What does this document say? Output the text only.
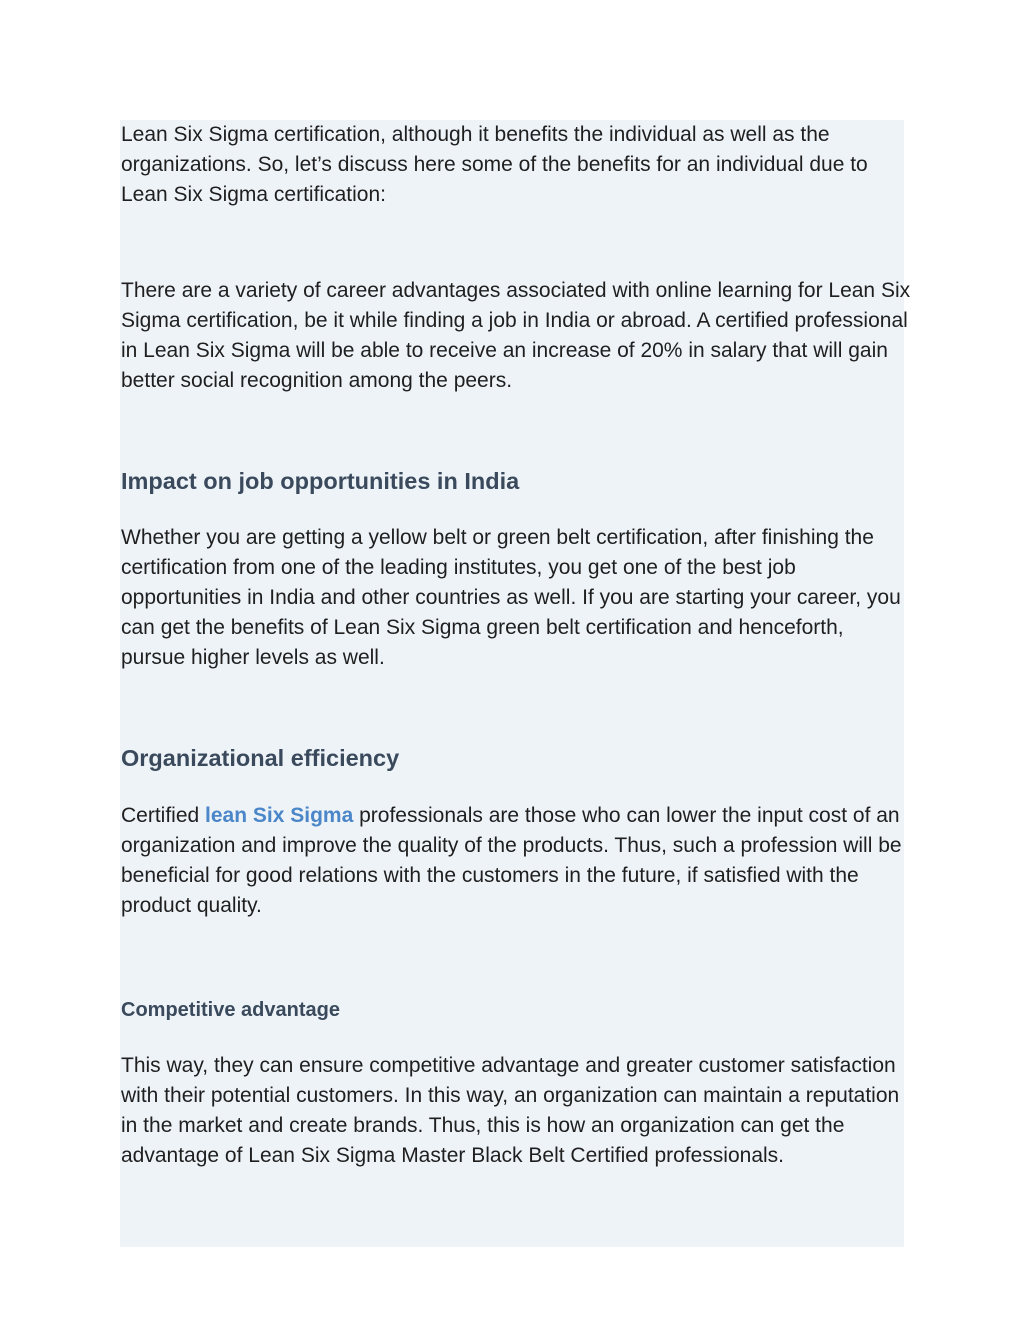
Lean Six Sigma certification, although it benefits the individual as well as the organizations. So, let’s discuss here some of the benefits for an individual due to Lean Six Sigma certification:

There are a variety of career advantages associated with online learning for Lean Six Sigma certification, be it while finding a job in India or abroad. A certified professional in Lean Six Sigma will be able to receive an increase of 20% in salary that will gain better social recognition among the peers.

Impact on job opportunities in India

Whether you are getting a yellow belt or green belt certification, after finishing the certification from one of the leading institutes, you get one of the best job opportunities in India and other countries as well. If you are starting your career, you can get the benefits of Lean Six Sigma green belt certification and henceforth, pursue higher levels as well.

Organizational efficiency

Certified lean Six Sigma professionals are those who can lower the input cost of an organization and improve the quality of the products. Thus, such a profession will be beneficial for good relations with the customers in the future, if satisfied with the product quality.

Competitive advantage

This way, they can ensure competitive advantage and greater customer satisfaction with their potential customers. In this way, an organization can maintain a reputation in the market and create brands. Thus, this is how an organization can get the advantage of Lean Six Sigma Master Black Belt Certified professionals.
